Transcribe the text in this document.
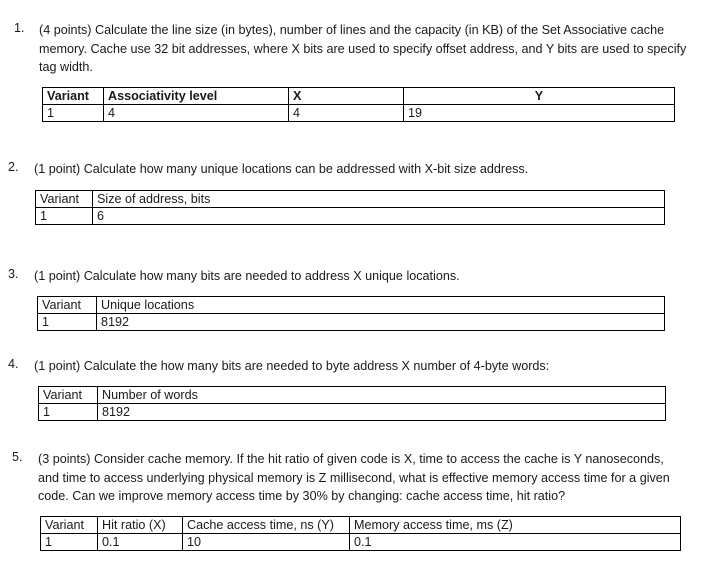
1. (4 points) Calculate the line size (in bytes), number of lines and the capacity (in KB) of the Set Associative cache memory. Cache use 32 bit addresses, where X bits are used to specify offset address, and Y bits are used to specify tag width.
Variant	Associativity level	X	Y
1	4	4	19
2. (1 point) Calculate how many unique locations can be addressed with X-bit size address.
Variant	Size of address, bits
1	6
3. (1 point) Calculate how many bits are needed to address X unique locations.
Variant	Unique locations
1	8192
4. (1 point) Calculate the how many bits are needed to byte address X number of 4-byte words:
Variant	Number of words
1	8192
5. (3 points) Consider cache memory. If the hit ratio of given code is X, time to access the cache is Y nanoseconds, and time to access underlying physical memory is Z millisecond, what is effective memory access time for a given code. Can we improve memory access time by 30% by changing: cache access time, hit ratio?
Variant	Hit ratio (X)	Cache access time, ns (Y)	Memory access time, ms (Z)
1	0.1	10	0.1
